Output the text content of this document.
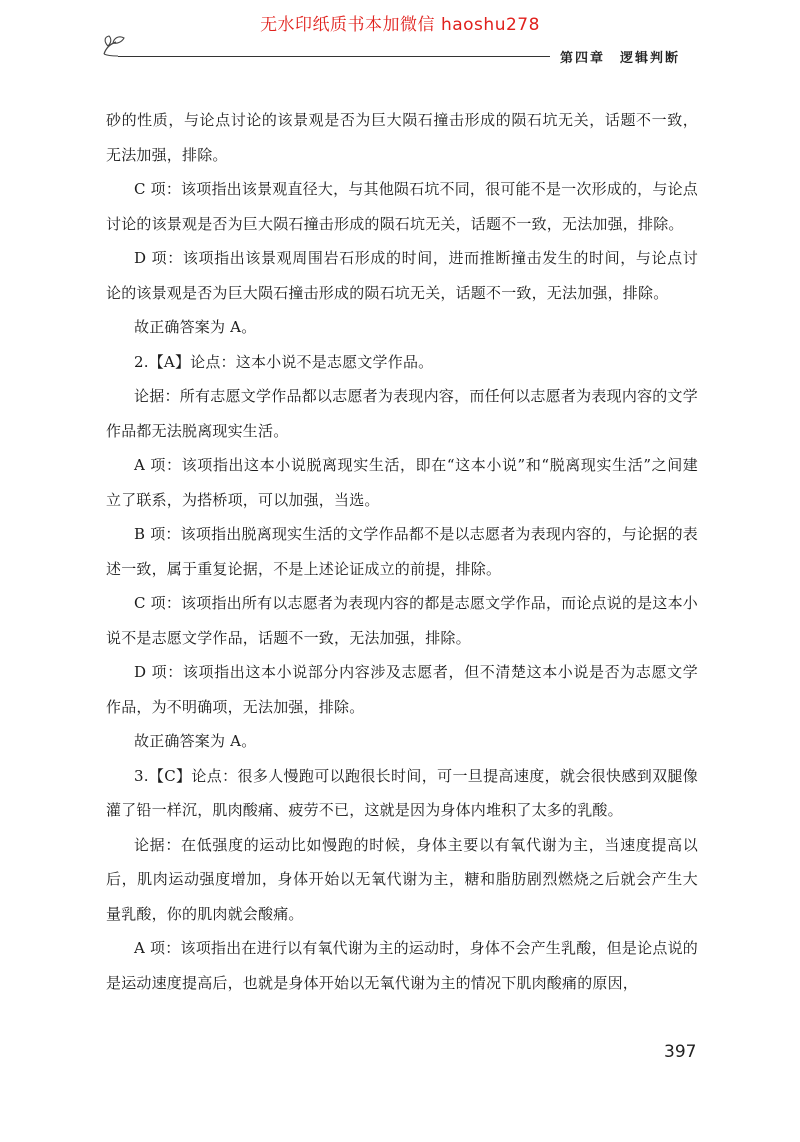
无水印纸质书本加微信 haoshu278
第四章　逻辑判断

砂的性质，与论点讨论的该景观是否为巨大陨石撞击形成的陨石坑无关，话题不一致，无法加强，排除。

C 项：该项指出该景观直径大，与其他陨石坑不同，很可能不是一次形成的，与论点讨论的该景观是否为巨大陨石撞击形成的陨石坑无关，话题不一致，无法加强，排除。

D 项：该项指出该景观周围岩石形成的时间，进而推断撞击发生的时间，与论点讨论的该景观是否为巨大陨石撞击形成的陨石坑无关，话题不一致，无法加强，排除。

故正确答案为 A。

2.【A】论点：这本小说不是志愿文学作品。

论据：所有志愿文学作品都以志愿者为表现内容，而任何以志愿者为表现内容的文学作品都无法脱离现实生活。

A 项：该项指出这本小说脱离现实生活，即在“这本小说”和“脱离现实生活”之间建立了联系，为搭桥项，可以加强，当选。

B 项：该项指出脱离现实生活的文学作品都不是以志愿者为表现内容的，与论据的表述一致，属于重复论据，不是上述论证成立的前提，排除。

C 项：该项指出所有以志愿者为表现内容的都是志愿文学作品，而论点说的是这本小说不是志愿文学作品，话题不一致，无法加强，排除。

D 项：该项指出这本小说部分内容涉及志愿者，但不清楚这本小说是否为志愿文学作品，为不明确项，无法加强，排除。

故正确答案为 A。

3.【C】论点：很多人慢跑可以跑很长时间，可一旦提高速度，就会很快感到双腿像灌了铅一样沉，肌肉酸痛、疲劳不已，这就是因为身体内堆积了太多的乳酸。

论据：在低强度的运动比如慢跑的时候，身体主要以有氧代谢为主，当速度提高以后，肌肉运动强度增加，身体开始以无氧代谢为主，糖和脂肪剧烈燃烧之后就会产生大量乳酸，你的肌肉就会酸痛。

A 项：该项指出在进行以有氧代谢为主的运动时，身体不会产生乳酸，但是论点说的是运动速度提高后，也就是身体开始以无氧代谢为主的情况下肌肉酸痛的原因，

397
